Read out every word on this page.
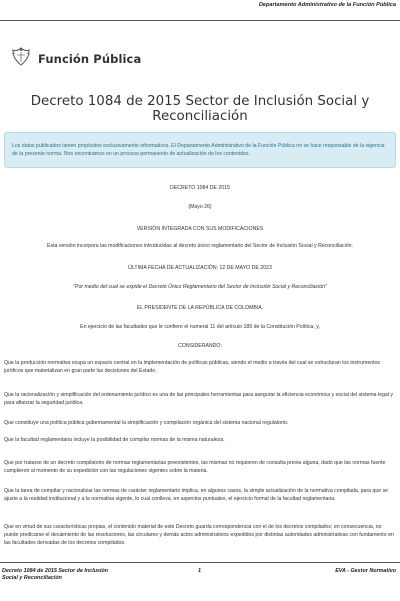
Departamento Administrativo de la Función Pública
Función Pública
Decreto 1084 de 2015 Sector de Inclusión Social y
Reconciliación
Los datos publicados tienen propósitos exclusivamente informativos. El Departamento Administrativo de la Función Pública no se hace responsable de la vigencia de la presente norma. Nos encontramos en un proceso permanente de actualización de los contenidos.
DECRETO 1084 DE 2015
(Mayo 26)
VERSIÓN INTEGRADA CON SUS MODIFICACIONES
Esta versión incorpora las modificaciones introducidas al decreto único reglamentario del Sector de Inclusión Social y Reconciliación.
ÚLTIMA FECHA DE ACTUALIZACIÓN: 12 DE MAYO DE 2023
"Por medio del cual se expide el Decreto Único Reglamentario del Sector de Inclusión Social y Reconciliación"
EL PRESIDENTE DE LA REPÚBLICA DE COLOMBIA,
En ejercicio de las facultades que le confiere el numeral 11 del artículo 189 de la Constitución Política, y,
CONSIDERANDO:
Que la producción normativa ocupa un espacio central en la implementación de políticas públicas, siendo el medio a través del cual se estructuran los instrumentos jurídicos que materializan en gran parte las decisiones del Estado.
Que la racionalización y simplificación del ordenamiento jurídico es una de las principales herramientas para asegurar la eficiencia económica y social del sistema legal y para afianzar la seguridad jurídica.
Que constituye una política pública gubernamental la simplificación y compilación orgánica del sistema nacional regulatorio.
Que la facultad reglamentaria incluye la posibilidad de compilar normas de la misma naturaleza.
Que por tratarse de un decreto compilatorio de normas reglamentarias preexistentes, las mismas no requieren de consulta previa alguna, dado que las normas fuente cumplieron al momento de su expedición con las regulaciones vigentes sobre la materia.
Que la tarea de compilar y racionalizar las normas de carácter reglamentario implica, en algunos casos, la simple actualización de la normativa compilada, para que se ajuste a la realidad institucional y a la normativa vigente, lo cual conlleva, en aspectos puntuales, el ejercicio formal de la facultad reglamentaria.
Que en virtud de sus características propias, el contenido material de este Decreto guarda correspondencia con el de los decretos compilados; en consecuencia, no puede predicarse el decaimiento de las resoluciones, las circulares y demás actos administrativos expedidos por distintas autoridades administrativas con fundamento en las facultades derivadas de los decretos compilados.
Decreto 1084 de 2015 Sector de Inclusión
Social y Reconciliación
1	EVA - Gestor Normativo
